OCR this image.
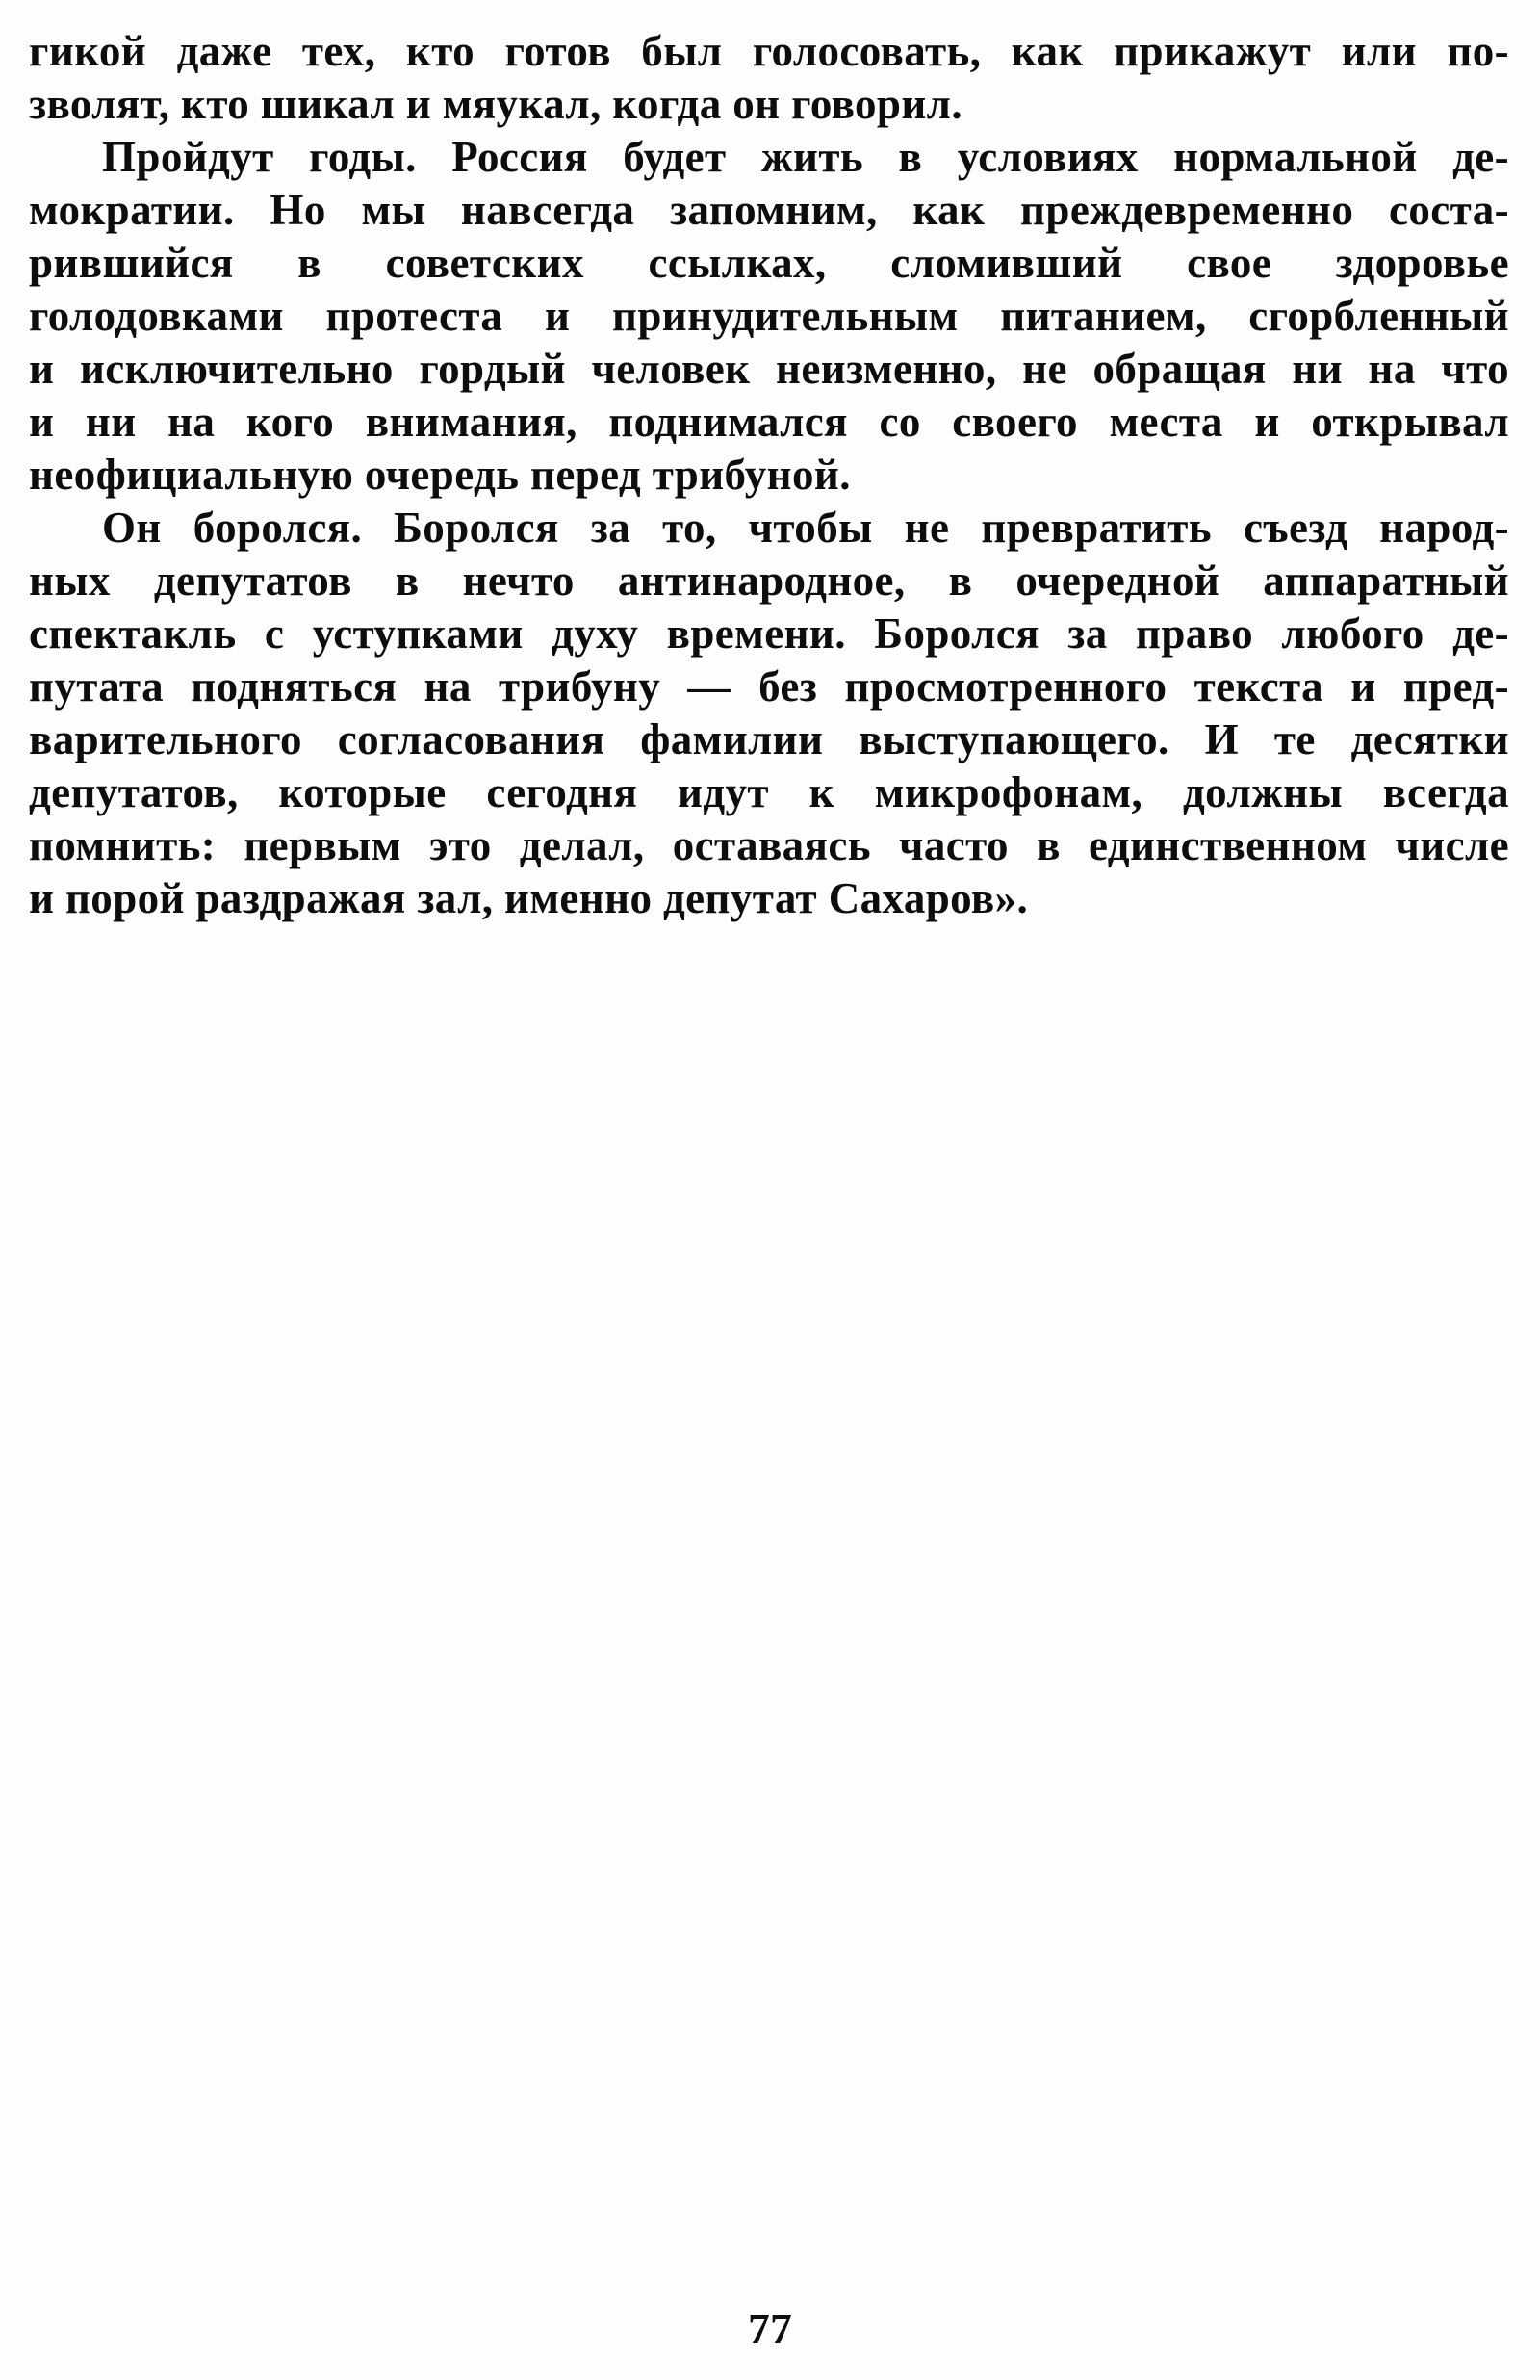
гикой даже тех, кто готов был голосовать, как прикажут или по-
зволят, кто шикал и мяукал, когда он говорил.
Пройдут годы. Россия будет жить в условиях нормальной де-
мократии. Но мы навсегда запомним, как преждевременно соста-
рившийся в советских ссылках, сломивший свое здоровье
голодовками протеста и принудительным питанием, сгорбленный
и исключительно гордый человек неизменно, не обращая ни на что
и ни на кого внимания, поднимался со своего места и открывал
неофициальную очередь перед трибуной.
Он боролся. Боролся за то, чтобы не превратить съезд народ-
ных депутатов в нечто антинародное, в очередной аппаратный
спектакль с уступками духу времени. Боролся за право любого де-
путата подняться на трибуну — без просмотренного текста и пред-
варительного согласования фамилии выступающего. И те десятки
депутатов, которые сегодня идут к микрофонам, должны всегда
помнить: первым это делал, оставаясь часто в единственном числе
и порой раздражая зал, именно депутат Сахаров».
77
